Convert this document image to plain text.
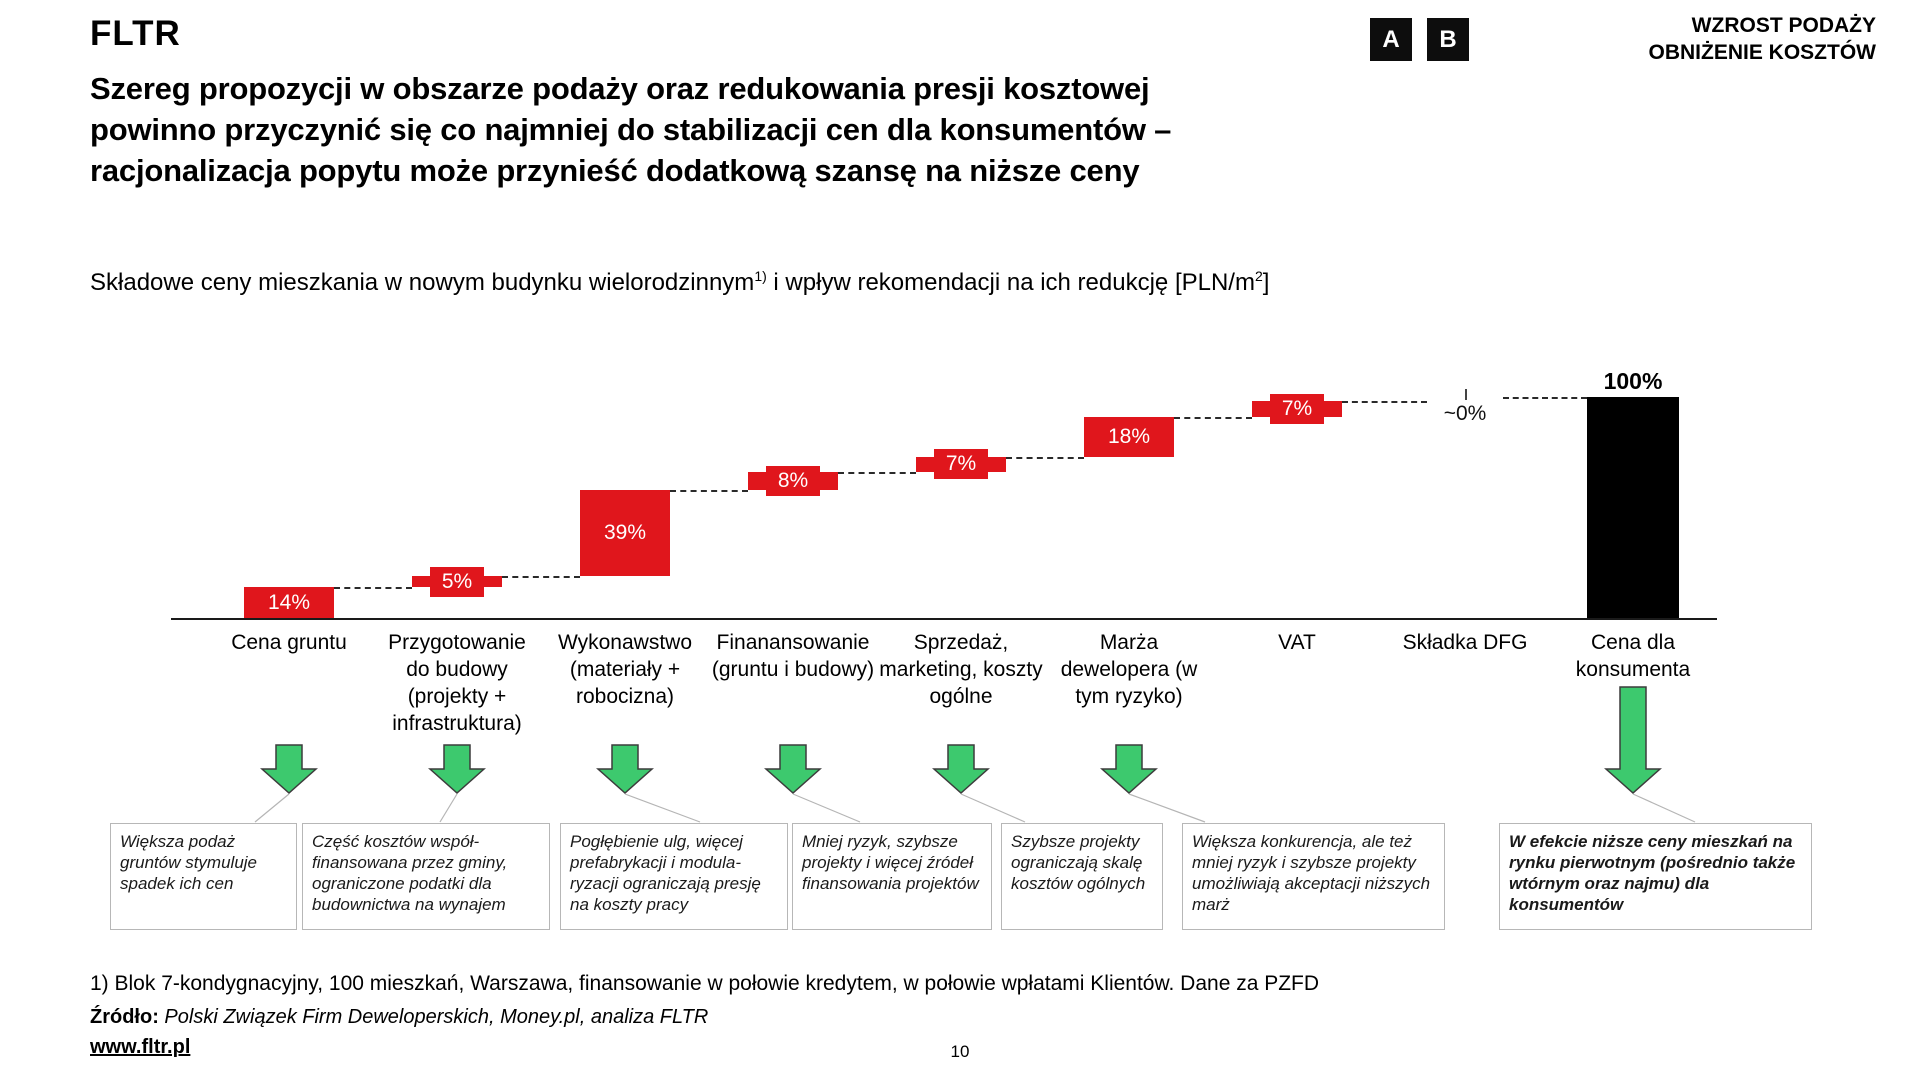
FLTR	A	B	WZROST PODAŻY
OBNIŻENIE KOSZTÓW
Szereg propozycji w obszarze podaży oraz redukowania presji kosztowej
powinno przyczynić się co najmniej do stabilizacji cen dla konsumentów –
racjonalizacja popytu może przynieść dodatkową szansę na niższe ceny
Składowe ceny mieszkania w nowym budynku wielorodzinnym$^{1)}$ i wpływ rekomendacji na ich redukcję $[PLN/m^2]$
14%
Cena gruntu
5%
Przygotowanie do budowy (projekty + infrastruktura)
39%
Wykonawstwo (materiały + robocizna)
8%
Finanansowanie (gruntu i budowy)
7%
Sprzedaż, marketing, koszty ogólne
18%
Marża dewelopera (w tym ryzyko)
7%
VAT
~0%
Składka DFG
100%
Cena dla konsumenta
Większa podaż gruntów stymuluje spadek ich cen
Część kosztów współ-finansowana przez gminy, ograniczone podatki dla budownictwa na wynajem
Pogłębienie ulg, więcej prefabrykacji i modula-ryzacji ograniczają presję na koszty pracy
Mniej ryzyk, szybsze projekty i więcej źródeł finansowania projektów
Szybsze projekty ograniczają skalę kosztów ogólnych
Większa konkurencja, ale też mniej ryzyk i szybsze projekty umożliwiają akceptacji niższych marż
W efekcie niższe ceny mieszkań na rynku pierwotnym (pośrednio także wtórnym oraz najmu) dla konsumentów
1) Blok 7-kondygnacyjny, 100 mieszkań, Warszawa, finansowanie w połowie kredytem, w połowie wpłatami Klientów. Dane za PZFD
Źródło: Polski Związek Firm Deweloperskich, Money.pl, analiza FLTR
www.fltr.pl	10
